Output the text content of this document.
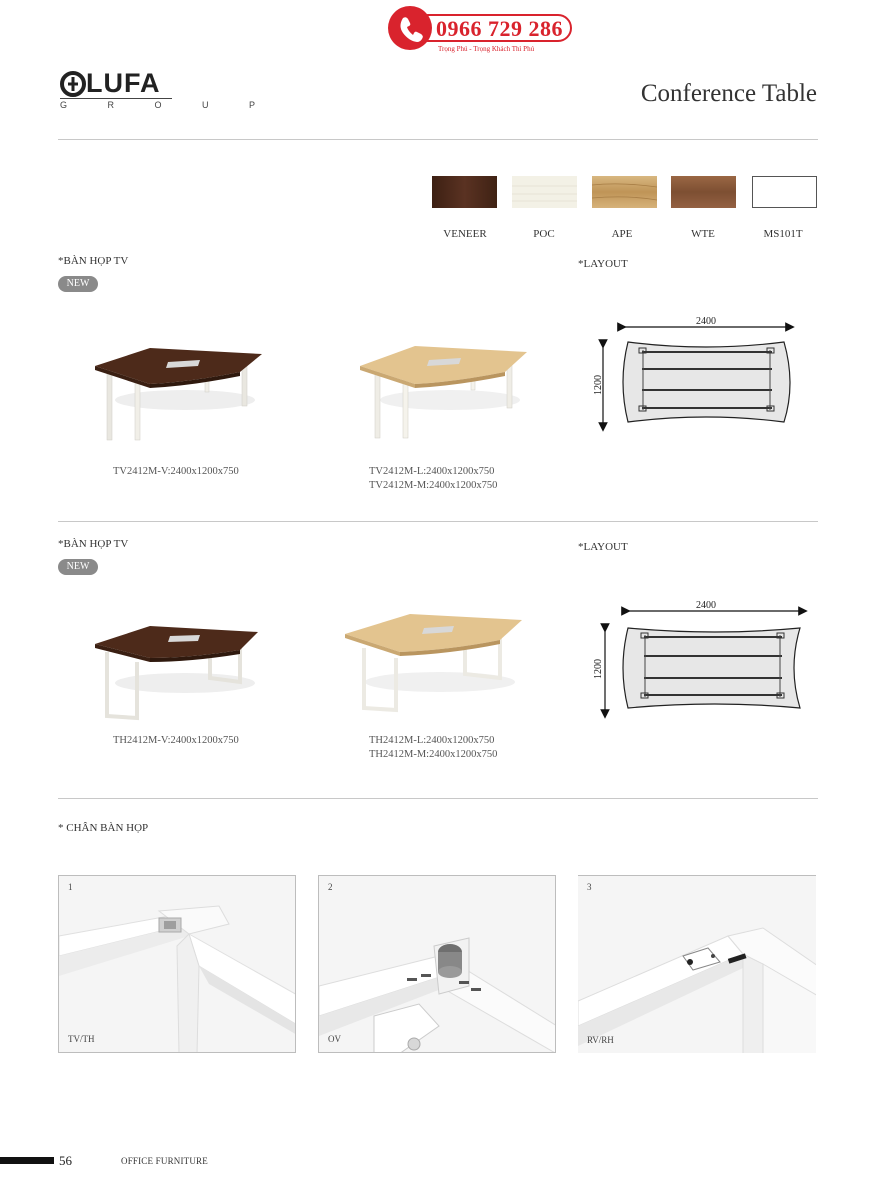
0966 729 286
Trọng Phú - Trọng Khách Thì Phú
LUFA
G R O U P	Conference Table
VENEER	POC	APE	WTE	MS101T
*BÀN HỌP TV
NEW
*LAYOUT
TV2412M-V:2400x1200x750	TV2412M-L:2400x1200x750
TV2412M-M:2400x1200x750
2400
1200
*BÀN HỌP TV
NEW
*LAYOUT
TH2412M-V:2400x1200x750	TH2412M-L:2400x1200x750
TH2412M-M:2400x1200x750
2400
1200
* CHÂN BÀN HỌP
1
TV/TH
2
OV
3
RV/RH
56	OFFICE FURNITURE
